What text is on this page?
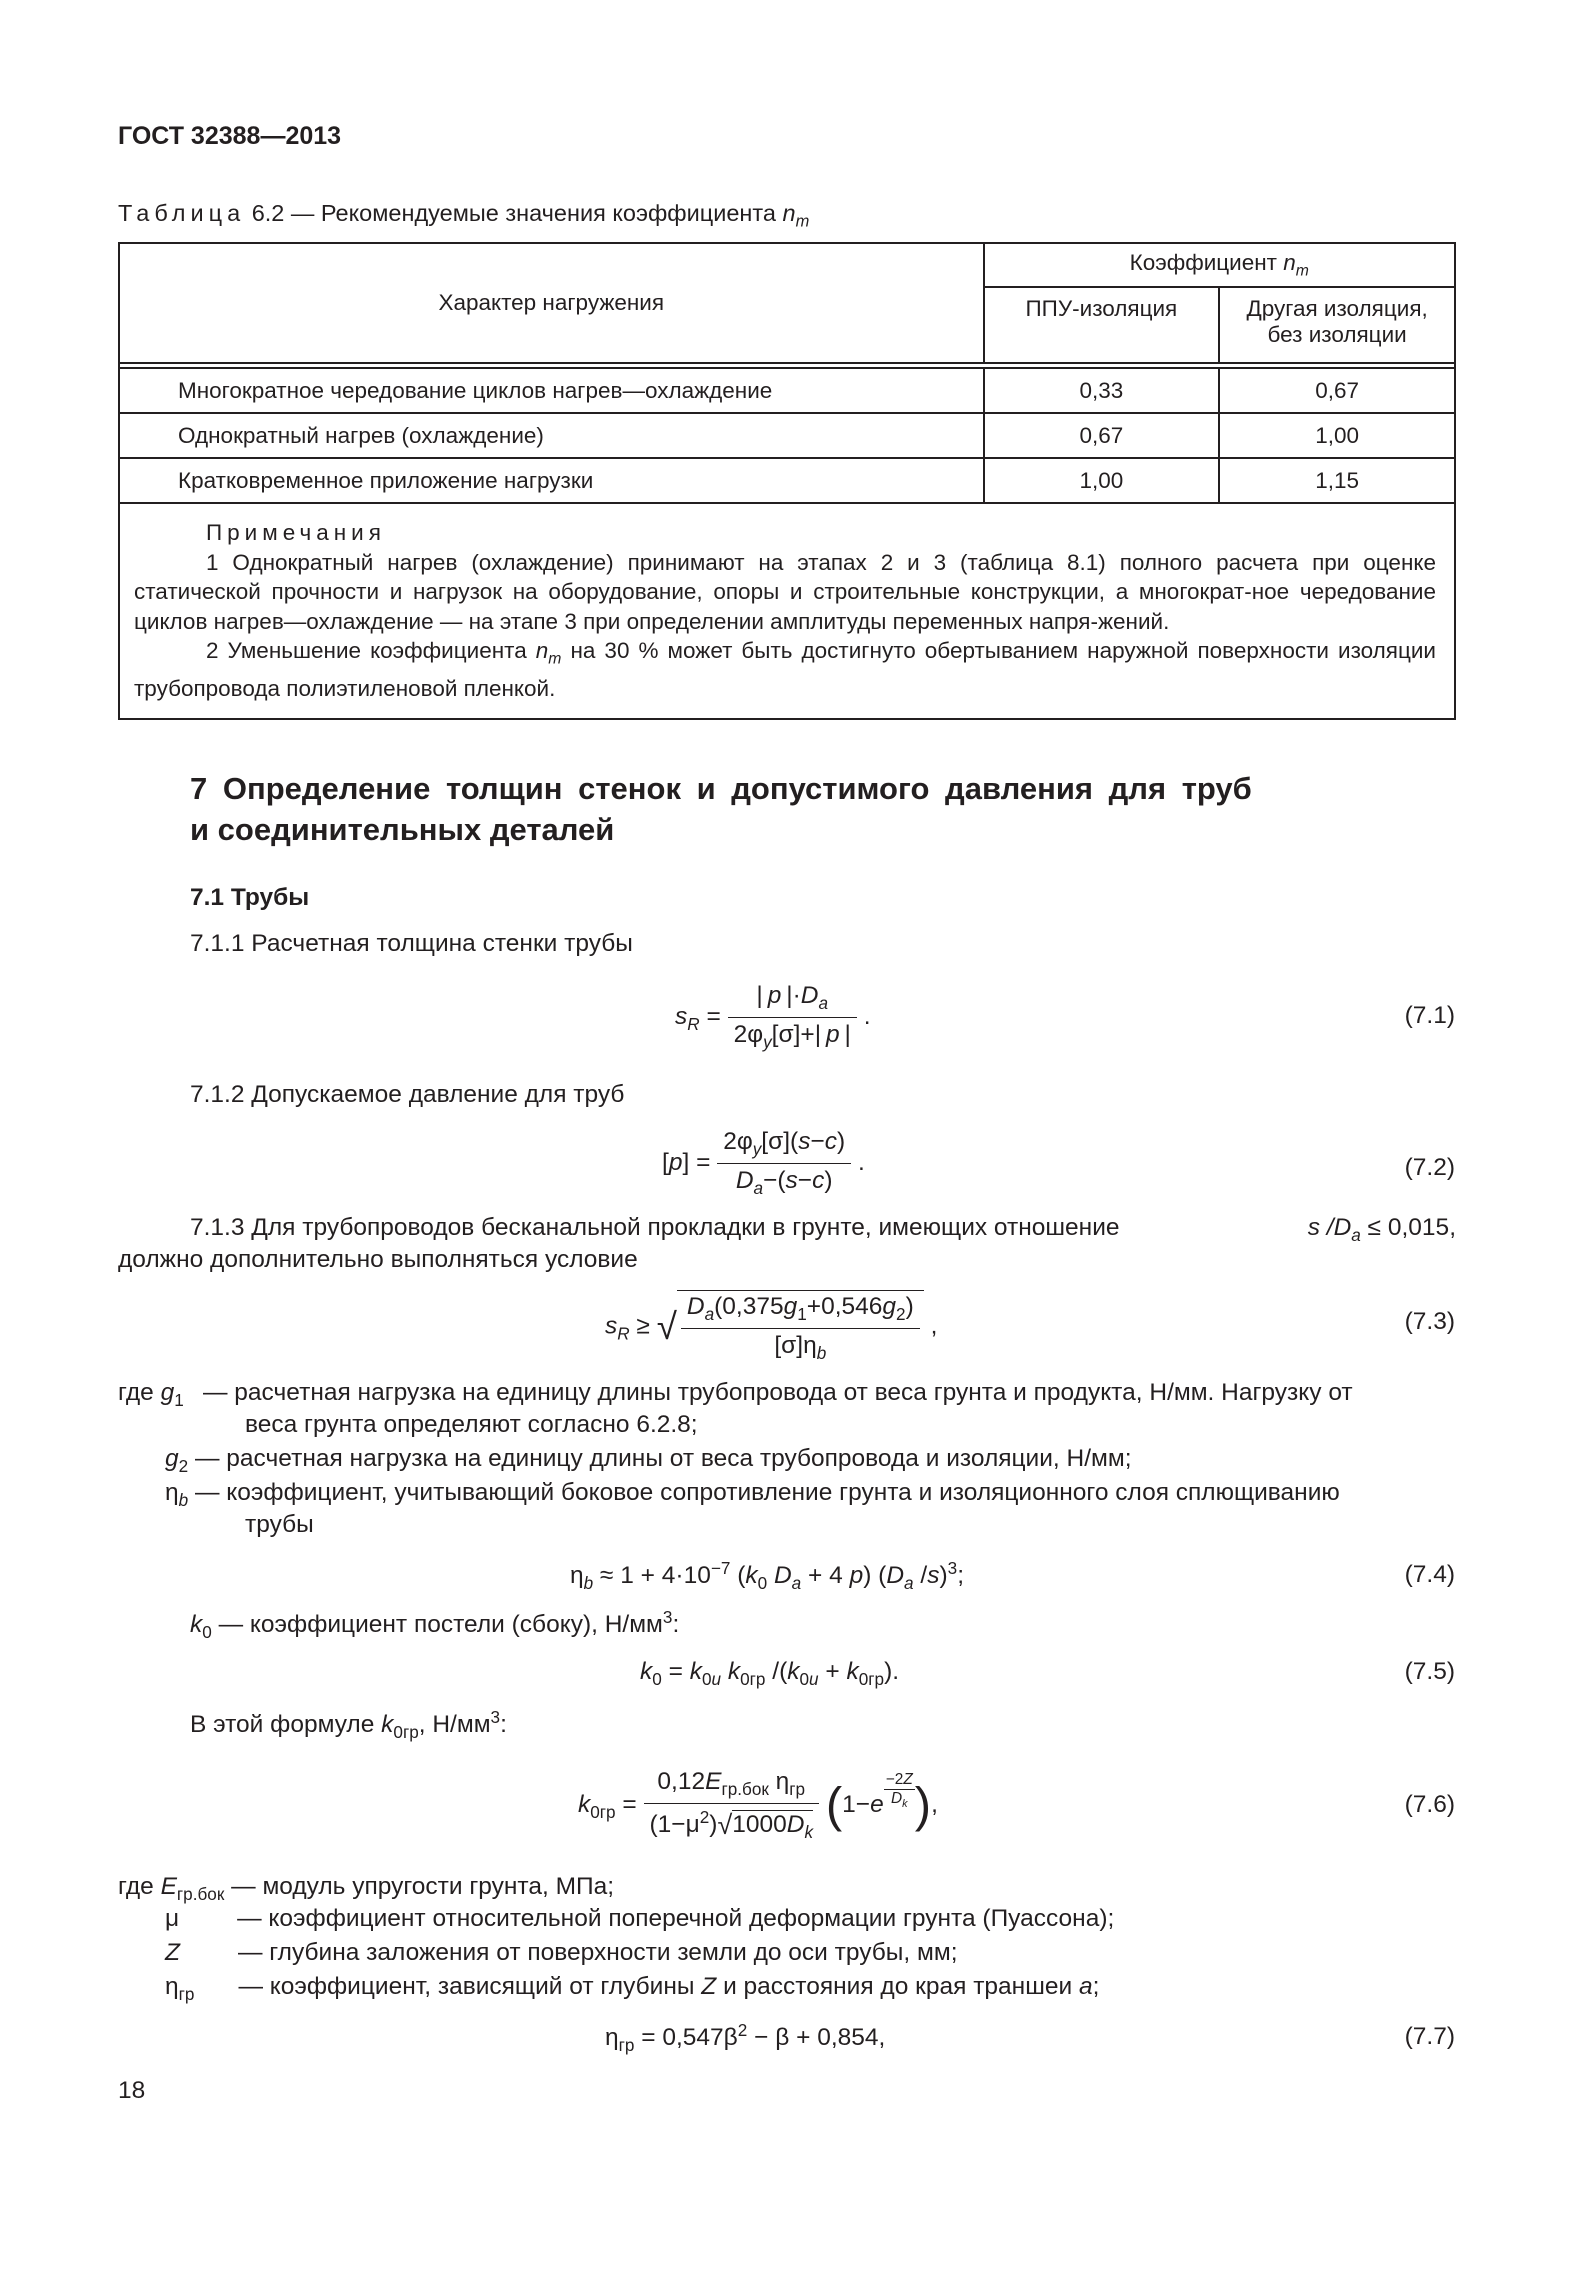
ГОСТ 32388—2013
Таблица 6.2 — Рекомендуемые значения коэффициента $n_m$
Характер нагружения	Коэффициент $n_m$
	ППУ-изоляция	Другая изоляция,
без изоляции

Многократное чередование циклов нагрев—охлаждение	0,33	0,67
Однократный нагрев (охлаждение)	0,67	1,00
Кратковременное приложение нагрузки	1,00	1,15

Примечания
1 Однократный нагрев (охлаждение) принимают на этапах 2 и 3 (таблица 8.1) полного расчета при оценке статической прочности и нагрузок на оборудование, опоры и строительные конструкции, а многократ-ное чередование циклов нагрев—охлаждение — на этапе 3 при определении амплитуды переменных напря-жений.
2 Уменьшение коэффициента $n_m$ на 30 % может быть достигнуто обертыванием наружной поверхности изоляции трубопровода полиэтиленовой пленкой.		
7 Определение толщин стенок и допустимого давления для труб
и соединительных деталей
7.1 Трубы
7.1.1 Расчетная толщина стенки трубы
$s_R = \frac{| p |\cdot D_a}{2\varphi_y[\sigma]+| p |}$ .	(7.1)
7.1.2 Допускаемое давление для труб
$[p] = \frac{2\varphi_y[\sigma](s-c)}{D_a-(s-c)}$ .	(7.2)
7.1.3 Для трубопроводов бесканальной прокладки в грунте, имеющих отношение	s $/D_a \le 0,015$,
должно дополнительно выполняться условие
$s_R$ ≥ √ $\frac{D_a(0,375g_1+0,546g_2)}{[\sigma]\eta_b}$ ,	(7.3)
где $g_1$ — расчетная нагрузка на единицу длины трубопровода от веса грунта и продукта, Н/мм. Нагрузку от
веса грунта определяют согласно 6.2.8;
$g_2$ — расчетная нагрузка на единицу длины от веса трубопровода и изоляции, Н/мм;
$\eta_b$ — коэффициент, учитывающий боковое сопротивление грунта и изоляционного слоя сплющиванию
трубы
$\eta_b \approx 1 + 4\cdot 10^{-7}$ ($k_0$ $D_a + 4$ p) ($D_a$ /s)$^3$;	(7.4)
$k_0$ — коэффициент постели (сбоку), $Н/мм^3$:
$k_0 = k_{0u}$ $k_{0гр}$ $/(k_{0u} + k_{0гр})$.	(7.5)
В этой формуле $k_{0гр}$, $Н/мм^3$:
$k_{0гр} = \frac{0,12E_{гр.бок} \eta_{гр}}{(1-\mu^2)√1000D_k} (1-e$ $^{\frac{-2Z}{D_k}}$ ),	(7.6)
где $E_{гр.бок}$ — модуль упругости грунта, МПа;
μ — коэффициент относительной поперечной деформации грунта (Пуассона);
Z — глубина заложения от поверхности земли до оси трубы, мм;
$\eta_{гр}$ — коэффициент, зависящий от глубины Z и расстояния до края траншеи a;
$\eta_{гр} = 0,547\beta^2 - \beta + 0,854$,	(7.7)
18
